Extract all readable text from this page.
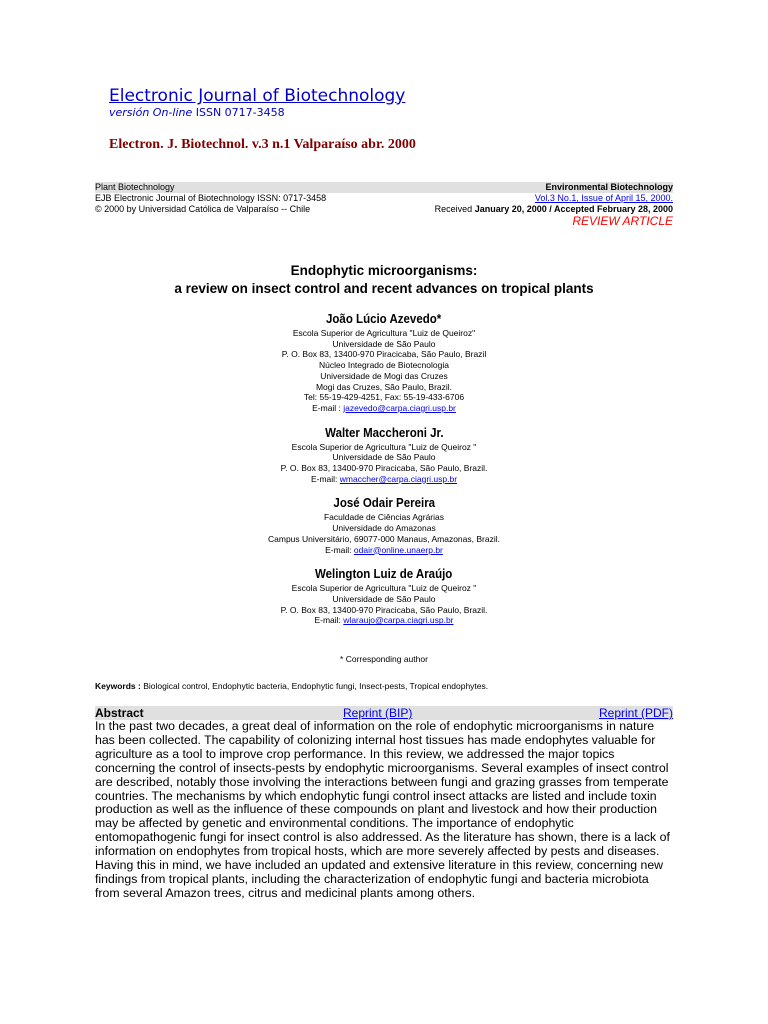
Electronic Journal of Biotechnology
versión On-line ISSN 0717-3458
Electron. J. Biotechnol. v.3 n.1 Valparaíso abr. 2000
Plant Biotechnology	Environmental Biotechnology
EJB Electronic Journal of Biotechnology ISSN: 0717-3458	Vol.3 No.1, Issue of April 15, 2000.
© 2000 by Universidad Católica de Valparaíso -- Chile	Received January 20, 2000 / Accepted February 28, 2000
REVIEW ARTICLE
Endophytic microorganisms:
a review on insect control and recent advances on tropical plants
João Lúcio Azevedo*
Escola Superior de Agricultura "Luiz de Queiroz"
Universidade de São Paulo
P. O. Box 83, 13400-970 Piracicaba, São Paulo, Brazil
Núcleo Integrado de Biotecnologia
Universidade de Mogi das Cruzes
Mogi das Cruzes, São Paulo, Brazil.
Tel: 55-19-429-4251, Fax: 55-19-433-6706
E-mail : jazevedo@carpa.ciagri.usp.br
Walter Maccheroni Jr.
Escola Superior de Agricultura "Luiz de Queiroz "
Universidade de São Paulo
P. O. Box 83, 13400-970 Piracicaba, São Paulo, Brazil.
E-mail: wmaccher@carpa.ciagri.usp.br
José Odair Pereira
Faculdade de Ciências Agrárias
Universidade do Amazonas
Campus Universitário, 69077-000 Manaus, Amazonas, Brazil.
E-mail: odair@online.unaerp.br
Welington Luiz de Araújo
Escola Superior de Agricultura "Luiz de Queiroz "
Universidade de São Paulo
P. O. Box 83, 13400-970 Piracicaba, São Paulo, Brazil.
E-mail: wlaraujo@carpa.ciagri.usp.br
* Corresponding author
Keywords : Biological control, Endophytic bacteria, Endophytic fungi, Insect-pests, Tropical endophytes.
Abstract	Reprint (BIP)	Reprint (PDF)
In the past two decades, a great deal of information on the role of endophytic microorganisms in nature has been collected. The capability of colonizing internal host tissues has made endophytes valuable for agriculture as a tool to improve crop performance. In this review, we addressed the major topics concerning the control of insects-pests by endophytic microorganisms. Several examples of insect control are described, notably those involving the interactions between fungi and grazing grasses from temperate countries. The mechanisms by which endophytic fungi control insect attacks are listed and include toxin production as well as the influence of these compounds on plant and livestock and how their production may be affected by genetic and environmental conditions. The importance of endophytic entomopathogenic fungi for insect control is also addressed. As the literature has shown, there is a lack of information on endophytes from tropical hosts, which are more severely affected by pests and diseases. Having this in mind, we have included an updated and extensive literature in this review, concerning new findings from tropical plants, including the characterization of endophytic fungi and bacteria microbiota from several Amazon trees, citrus and medicinal plants among others.
